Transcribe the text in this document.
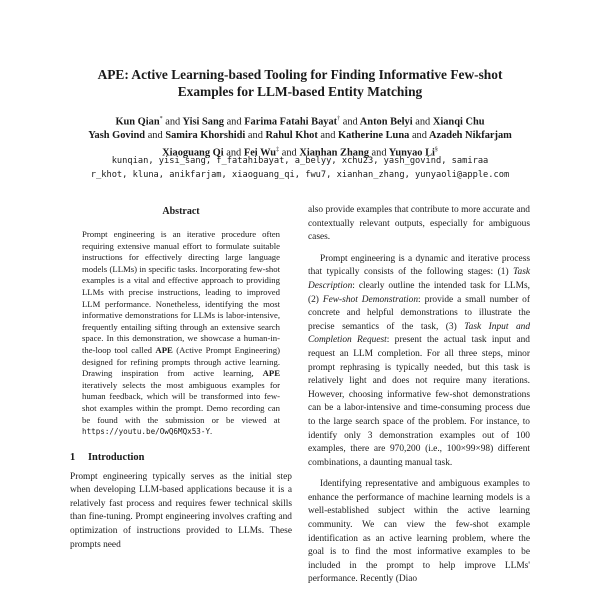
APE: Active Learning-based Tooling for Finding Informative Few-shot
Examples for LLM-based Entity Matching
Kun Qian* and Yisi Sang and Farima Fatahi Bayat† and Anton Belyi and Xianqi Chu
Yash Govind and Samira Khorshidi and Rahul Khot and Katherine Luna and Azadeh Nikfarjam
Xiaoguang Qi and Fei Wu‡ and Xianhan Zhang and Yunyao Li§
kunqian, yisi_sang, f_fatahibayat, a_belyy, xchu23, yash_govind, samiraa
r_khot, kluna, anikfarjam, xiaoguang_qi, fwu7, xianhan_zhang, yunyaoli@apple.com
Abstract
Prompt engineering is an iterative procedure often requiring extensive manual effort to formulate suitable instructions for effectively directing large language models (LLMs) in specific tasks. Incorporating few-shot examples is a vital and effective approach to providing LLMs with precise instructions, leading to improved LLM performance. Nonetheless, identifying the most informative demonstrations for LLMs is labor-intensive, frequently entailing sifting through an extensive search space. In this demonstration, we showcase a human-in-the-loop tool called APE (Active Prompt Engineering) designed for refining prompts through active learning. Drawing inspiration from active learning, APE iteratively selects the most ambiguous examples for human feedback, which will be transformed into few-shot examples within the prompt. Demo recording can be found with the submission or be viewed at https://youtu.be/OwQ6MQx53-Y.
1 Introduction

Prompt engineering typically serves as the initial step when developing LLM-based applications because it is a relatively fast process and requires fewer technical skills than fine-tuning. Prompt engineering involves crafting and optimization of instructions provided to LLMs. These prompts need

also provide examples that contribute to more accurate and contextually relevant outputs, especially for ambiguous cases.

Prompt engineering is a dynamic and iterative process that typically consists of the following stages: (1) Task Description: clearly outline the intended task for LLMs, (2) Few-shot Demonstration: provide a small number of concrete and helpful demonstrations to illustrate the precise semantics of the task, (3) Task Input and Completion Request: present the actual task input and request an LLM completion. For all three steps, minor prompt rephrasing is typically needed, but this task is relatively light and does not require many iterations. However, choosing informative few-shot demonstrations can be a labor-intensive and time-consuming process due to the large search space of the problem. For instance, to identify only 3 demonstration examples out of 100 examples, there are 970,200 (i.e., 100×99×98) different combinations, a daunting manual task.

Identifying representative and ambiguous examples to enhance the performance of machine learning models is a well-established subject within the active learning community. We can view the few-shot example identification as an active learning problem, where the goal is to find the most informative examples to be included in the prompt to help improve LLMs' performance. Recently (Diao
